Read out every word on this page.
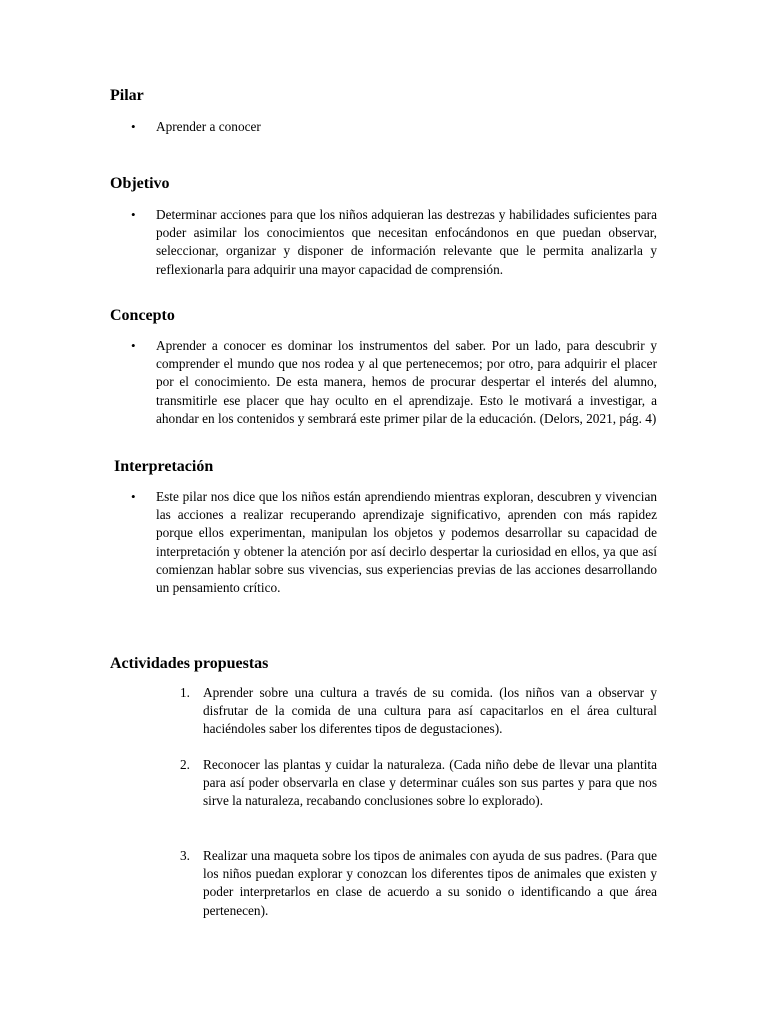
Pilar
• Aprender a conocer

Objetivo
• Determinar acciones para que los niños adquieran las destrezas y habilidades suficientes para poder asimilar los conocimientos que necesitan enfocándonos en que puedan observar, seleccionar, organizar y disponer de información relevante que le permita analizarla y reflexionarla para adquirir una mayor capacidad de comprensión.

Concepto
• Aprender a conocer es dominar los instrumentos del saber. Por un lado, para descubrir y comprender el mundo que nos rodea y al que pertenecemos; por otro, para adquirir el placer por el conocimiento. De esta manera, hemos de procurar despertar el interés del alumno, transmitirle ese placer que hay oculto en el aprendizaje. Esto le motivará a investigar, a ahondar en los contenidos y sembrará este primer pilar de la educación. (Delors, 2021, pág. 4)

Interpretación
• Este pilar nos dice que los niños están aprendiendo mientras exploran, descubren y vivencian las acciones a realizar recuperando aprendizaje significativo, aprenden con más rapidez porque ellos experimentan, manipulan los objetos y podemos desarrollar su capacidad de interpretación y obtener la atención por así decirlo despertar la curiosidad en ellos, ya que así comienzan hablar sobre sus vivencias, sus experiencias previas de las acciones desarrollando un pensamiento crítico.

Actividades propuestas
1. Aprender sobre una cultura a través de su comida. (los niños van a observar y disfrutar de la comida de una cultura para así capacitarlos en el área cultural haciéndoles saber los diferentes tipos de degustaciones).

2. Reconocer las plantas y cuidar la naturaleza. (Cada niño debe de llevar una plantita para así poder observarla en clase y determinar cuáles son sus partes y para que nos sirve la naturaleza, recabando conclusiones sobre lo explorado).

3. Realizar una maqueta sobre los tipos de animales con ayuda de sus padres. (Para que los niños puedan explorar y conozcan los diferentes tipos de animales que existen y poder interpretarlos en clase de acuerdo a su sonido o identificando a que área pertenecen).
